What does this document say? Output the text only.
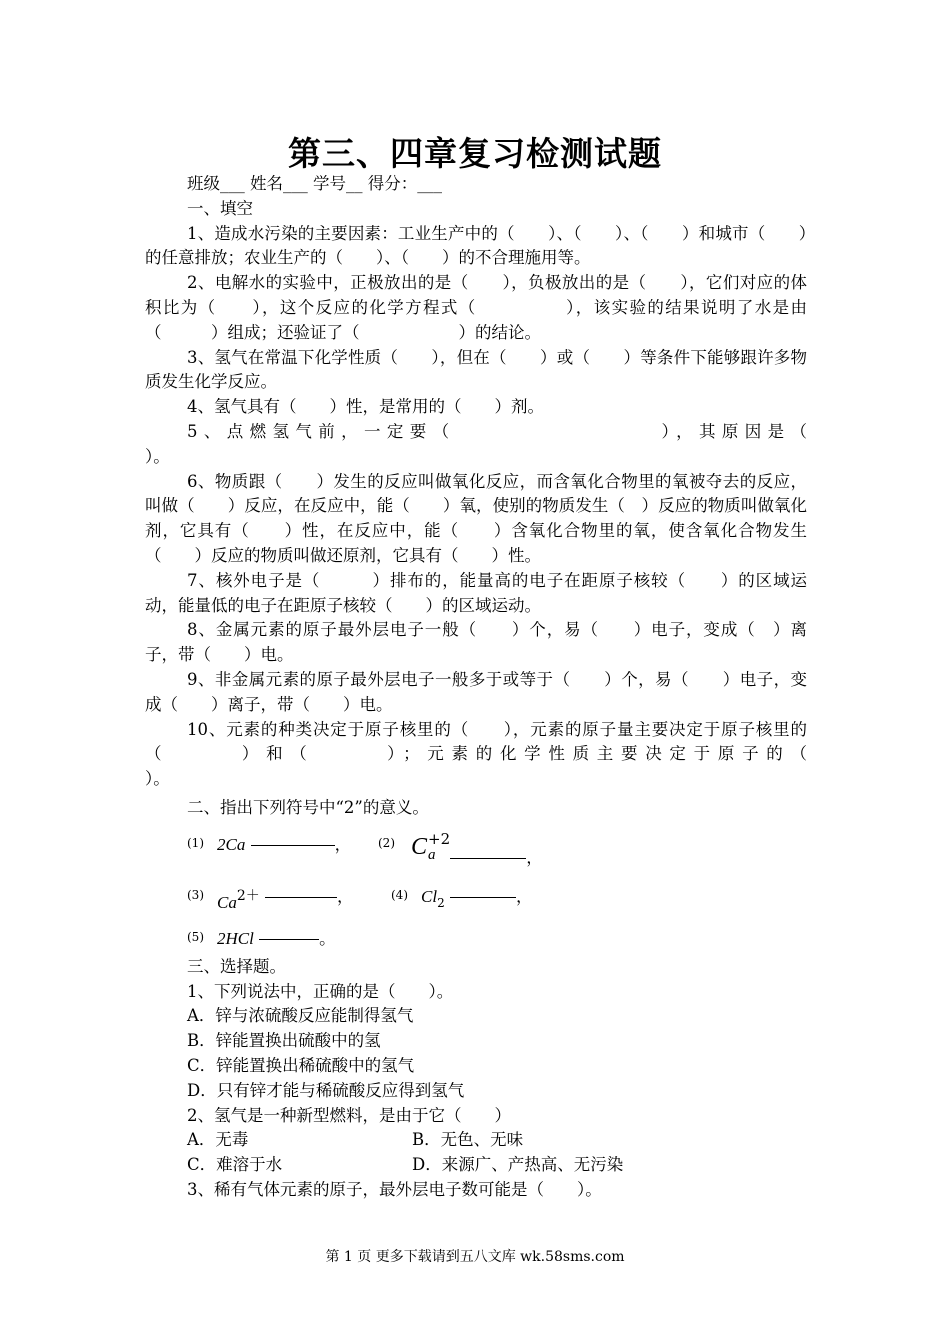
第三、四章复习检测试题

班级___ 姓名___ 学号__ 得分：___

一、填空

1、造成水污染的主要因素：工业生产中的（　　）、（　　）、（　　）和城市（　　）的任意排放；农业生产的（　　）、（　　）的不合理施用等。

2、电解水的实验中，正极放出的是（　　），负极放出的是（　　），它们对应的体积比为（　　），这个反应的化学方程式（　　　　　），该实验的结果说明了水是由（　　　）组成；还验证了（　　　　　　）的结论。

3、氢气在常温下化学性质（　　），但在（　　）或（　　）等条件下能够跟许多物质发生化学反应。

4、氢气具有（　　）性，是常用的（　　）剂。

5、点燃氢气前，一定要（　　　　　　　　　），其原因是（

）。

6、物质跟（　　）发生的反应叫做氧化反应，而含氧化合物里的氧被夺去的反应，叫做（　　）反应，在反应中，能（　　）氧，使别的物质发生（　）反应的物质叫做氧化剂，它具有（　　）性，在反应中，能（　　）含氧化合物里的氧，使含氧化合物发生（　　）反应的物质叫做还原剂，它具有（　　）性。

7、核外电子是（　　　）排布的，能量高的电子在距原子核较（　　）的区域运动，能量低的电子在距原子核较（　　）的区域运动。

8、金属元素的原子最外层电子一般（　　）个，易（　　）电子，变成（　）离子，带（　　）电。

9、非金属元素的原子最外层电子一般多于或等于（　　）个，易（　　）电子，变成（　　）离子，带（　　）电。

10、元素的种类决定于原子核里的（　　），元素的原子量主要决定于原子核里的（　　　）和（　　　）；元素的化学性质主要决定于原子的（

）。

二、指出下列符号中“2”的意义。

(1) 2Ca	， (2) C +2
a	，
(3) Ca2＋	，	(4) $Cl_2$	，
(5) 2HCl	。

三、选择题。

1、下列说法中，正确的是（　　）。

A．锌与浓硫酸反应能制得氢气

B．锌能置换出硫酸中的氢

C．锌能置换出稀硫酸中的氢气

D．只有锌才能与稀硫酸反应得到氢气

2、氢气是一种新型燃料，是由于它（　　）

A．无毒	B．无色、无味
C．难溶于水	D．来源广、产热高、无污染

3、稀有气体元素的原子，最外层电子数可能是（　　）。

第 1 页 更多下载请到五八文库 wk.58sms.com
